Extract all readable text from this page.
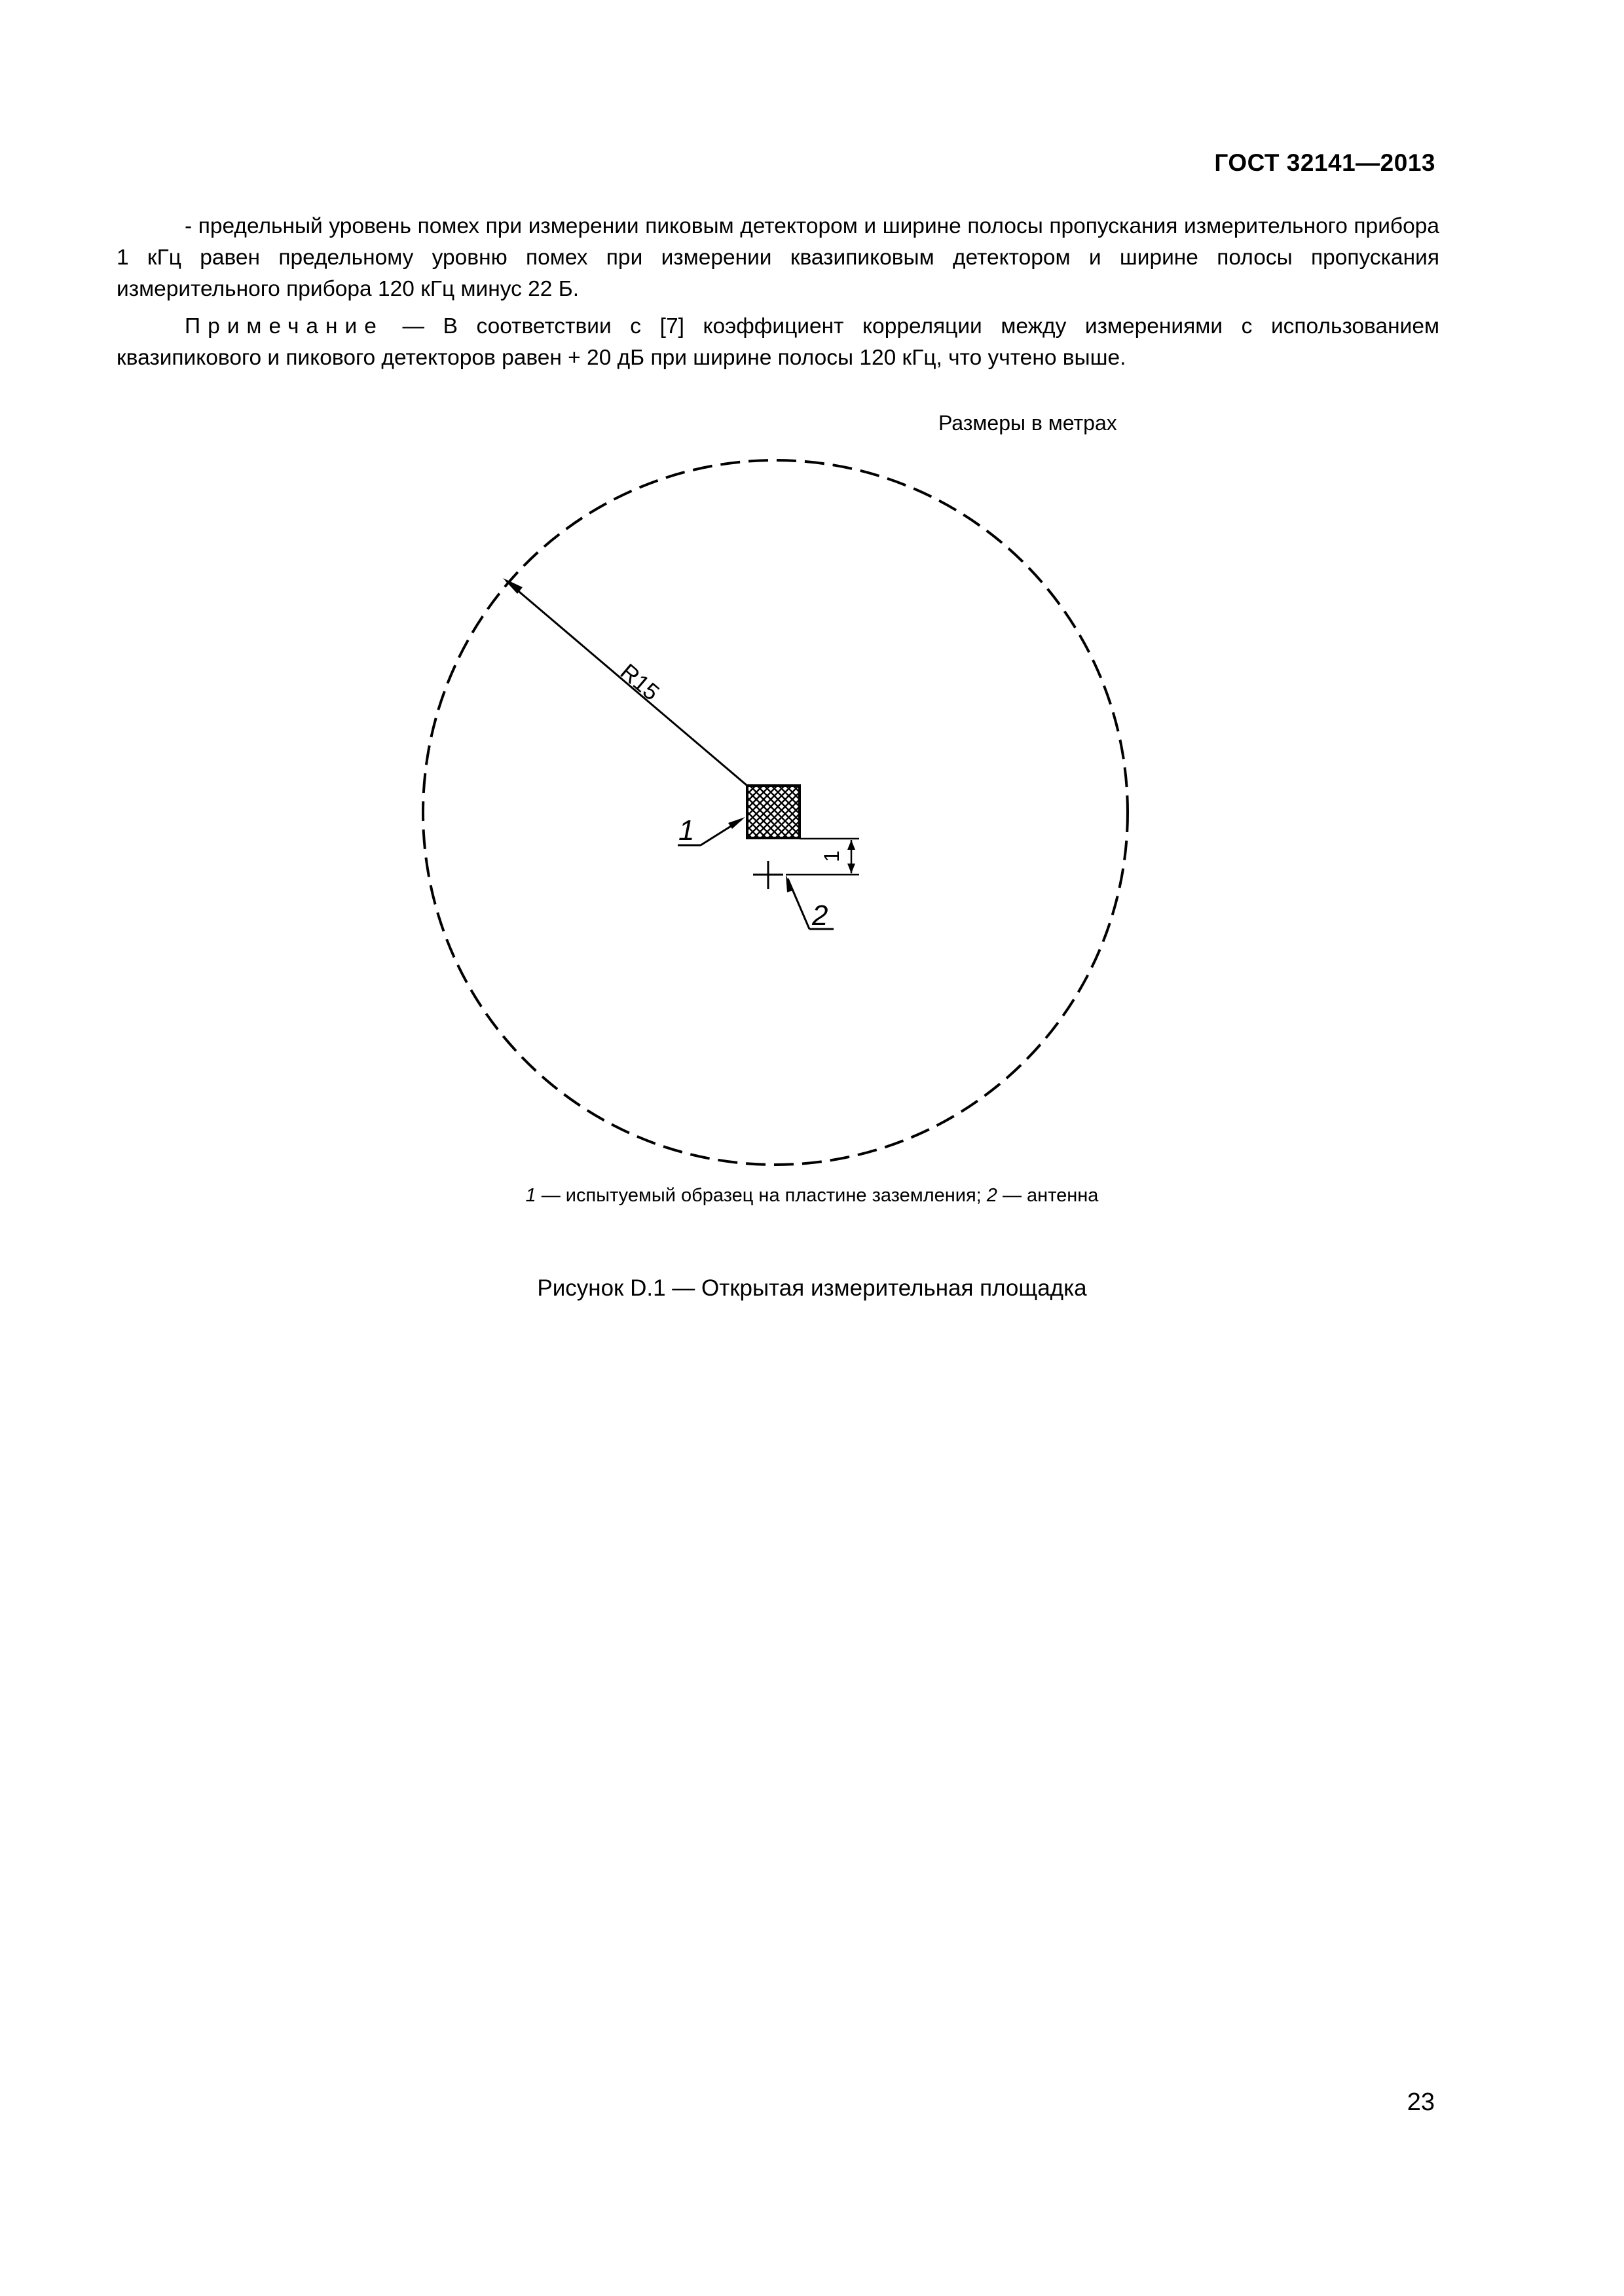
ГОСТ 32141—2013
- предельный уровень помех при измерении пиковым детектором и ширине полосы пропускания измерительного прибора 1 кГц равен предельному уровню помех при измерении квазипиковым детектором и ширине полосы пропускания измерительного прибора 120 кГц минус 22 Б.
Примечание — В соответствии с [7] коэффициент корреляции между измерениями с использованием квазипикового и пикового детекторов равен + 20 дБ при ширине полосы 120 кГц, что учтено выше.
Размеры в метрах
R15
1
2
1
1 — испытуемый образец на пластине заземления; 2 — антенна
Рисунок D.1 — Открытая измерительная площадка
23
